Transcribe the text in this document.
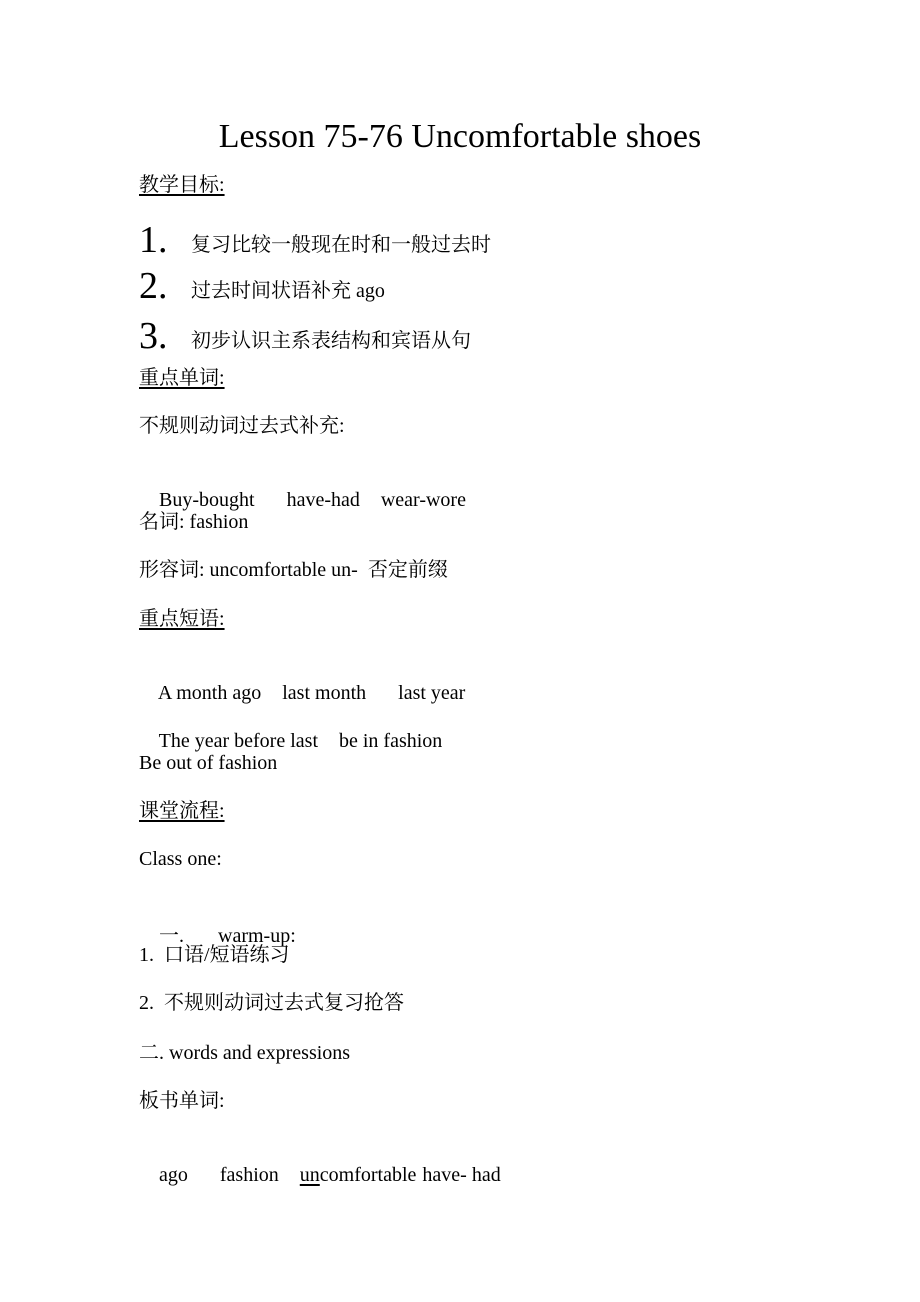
Lesson 75-76 Uncomfortable shoes
教学目标:

1.

复习比较一般现在时和一般过去时

2.

过去时间状语补充 ago

3.

初步认识主系表结构和宾语从句

重点单词:
不规则动词过去式补充:

Buy-bought have-had wear-wore

名词: fashion
形容词: uncomfortable un-  否定前缀
重点短语:

A month ago last month last year

The year before last be in fashion

Be out of fashion
课堂流程:
Class one:

一. warm-up:

1.  口语/短语练习
2.  不规则动词过去式复习抢答
二. words and expressions
板书单词:

ago fashion uncomfortable have- had
